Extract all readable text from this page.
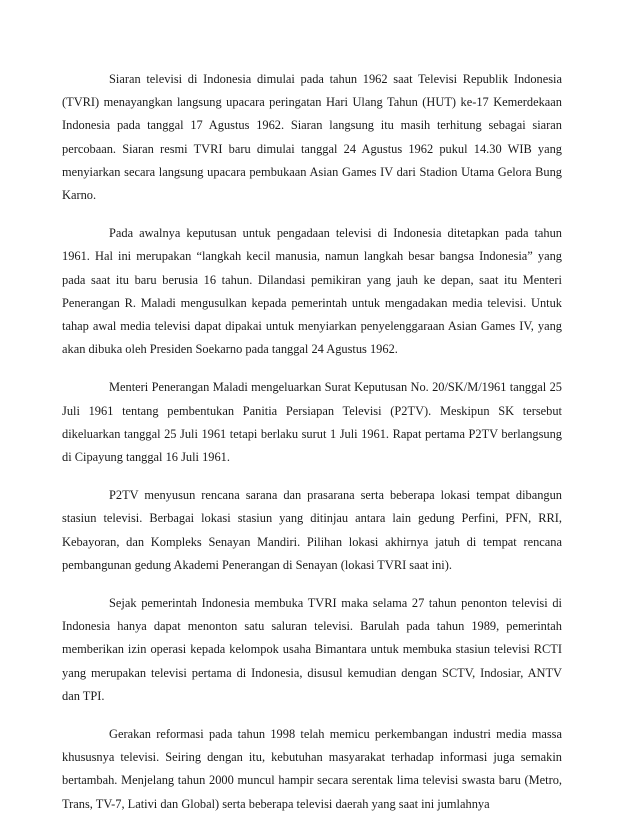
Siaran televisi di Indonesia dimulai pada tahun 1962 saat Televisi Republik Indonesia (TVRI) menayangkan langsung upacara peringatan Hari Ulang Tahun (HUT) ke-17 Kemerdekaan Indonesia pada tanggal 17 Agustus 1962. Siaran langsung itu masih terhitung sebagai siaran percobaan. Siaran resmi TVRI baru dimulai tanggal 24 Agustus 1962 pukul 14.30 WIB yang menyiarkan secara langsung upacara pembukaan Asian Games IV dari Stadion Utama Gelora Bung Karno.

Pada awalnya keputusan untuk pengadaan televisi di Indonesia ditetapkan pada tahun 1961. Hal ini merupakan “langkah kecil manusia, namun langkah besar bangsa Indonesia” yang pada saat itu baru berusia 16 tahun. Dilandasi pemikiran yang jauh ke depan, saat itu Menteri Penerangan R. Maladi mengusulkan kepada pemerintah untuk mengadakan media televisi. Untuk tahap awal media televisi dapat dipakai untuk menyiarkan penyelenggaraan Asian Games IV, yang akan dibuka oleh Presiden Soekarno pada tanggal 24 Agustus 1962.

Menteri Penerangan Maladi mengeluarkan Surat Keputusan No. 20/SK/M/1961 tanggal 25 Juli 1961 tentang pembentukan Panitia Persiapan Televisi (P2TV). Meskipun SK tersebut dikeluarkan tanggal 25 Juli 1961 tetapi berlaku surut 1 Juli 1961. Rapat pertama P2TV berlangsung di Cipayung tanggal 16 Juli 1961.

P2TV menyusun rencana sarana dan prasarana serta beberapa lokasi tempat dibangun stasiun televisi. Berbagai lokasi stasiun yang ditinjau antara lain gedung Perfini, PFN, RRI, Kebayoran, dan Kompleks Senayan Mandiri. Pilihan lokasi akhirnya jatuh di tempat rencana pembangunan gedung Akademi Penerangan di Senayan (lokasi TVRI saat ini).

Sejak pemerintah Indonesia membuka TVRI maka selama 27 tahun penonton televisi di Indonesia hanya dapat menonton satu saluran televisi. Barulah pada tahun 1989, pemerintah memberikan izin operasi kepada kelompok usaha Bimantara untuk membuka stasiun televisi RCTI yang merupakan televisi pertama di Indonesia, disusul kemudian dengan SCTV, Indosiar, ANTV dan TPI.

Gerakan reformasi pada tahun 1998 telah memicu perkembangan industri media massa khususnya televisi. Seiring dengan itu, kebutuhan masyarakat terhadap informasi juga semakin bertambah. Menjelang tahun 2000 muncul hampir secara serentak lima televisi swasta baru (Metro, Trans, TV-7, Lativi dan Global) serta beberapa televisi daerah yang saat ini jumlahnya
